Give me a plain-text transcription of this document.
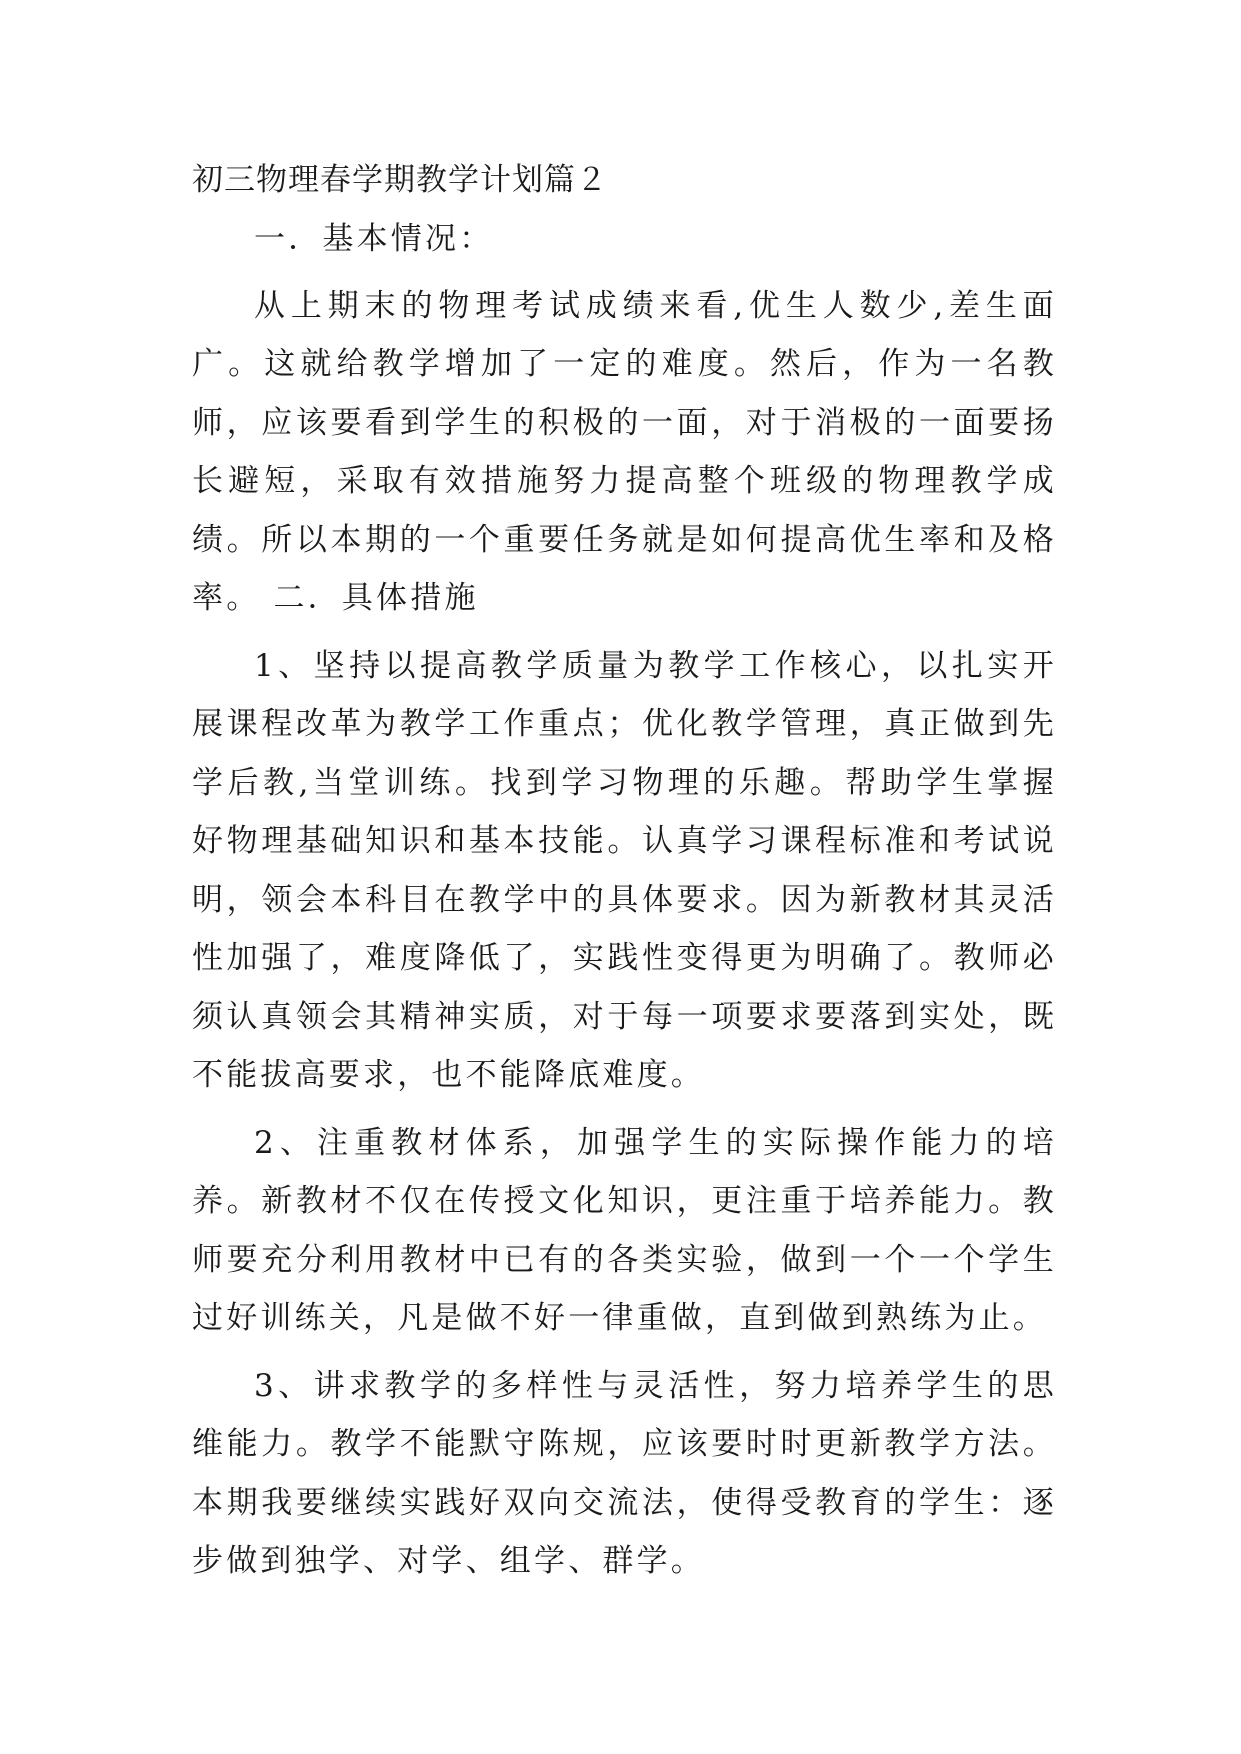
初三物理春学期教学计划篇２

一．基本情况：

从上期末的物理考试成绩来看,优生人数少,差生面广。这就给教学增加了一定的难度。然后，作为一名教师，应该要看到学生的积极的一面，对于消极的一面要扬长避短，采取有效措施努力提高整个班级的物理教学成绩。所以本期的一个重要任务就是如何提高优生率和及格率。 二．具体措施

1、坚持以提高教学质量为教学工作核心，以扎实开展课程改革为教学工作重点；优化教学管理，真正做到先学后教,当堂训练。找到学习物理的乐趣。帮助学生掌握好物理基础知识和基本技能。认真学习课程标准和考试说明，领会本科目在教学中的具体要求。因为新教材其灵活性加强了，难度降低了，实践性变得更为明确了。教师必须认真领会其精神实质，对于每一项要求要落到实处，既不能拔高要求，也不能降底难度。

2、注重教材体系，加强学生的实际操作能力的培养。新教材不仅在传授文化知识，更注重于培养能力。教师要充分利用教材中已有的各类实验，做到一个一个学生过好训练关，凡是做不好一律重做，直到做到熟练为止。

3、讲求教学的多样性与灵活性，努力培养学生的思维能力。教学不能默守陈规，应该要时时更新教学方法。本期我要继续实践好双向交流法，使得受教育的学生：逐步做到独学、对学、组学、群学。
